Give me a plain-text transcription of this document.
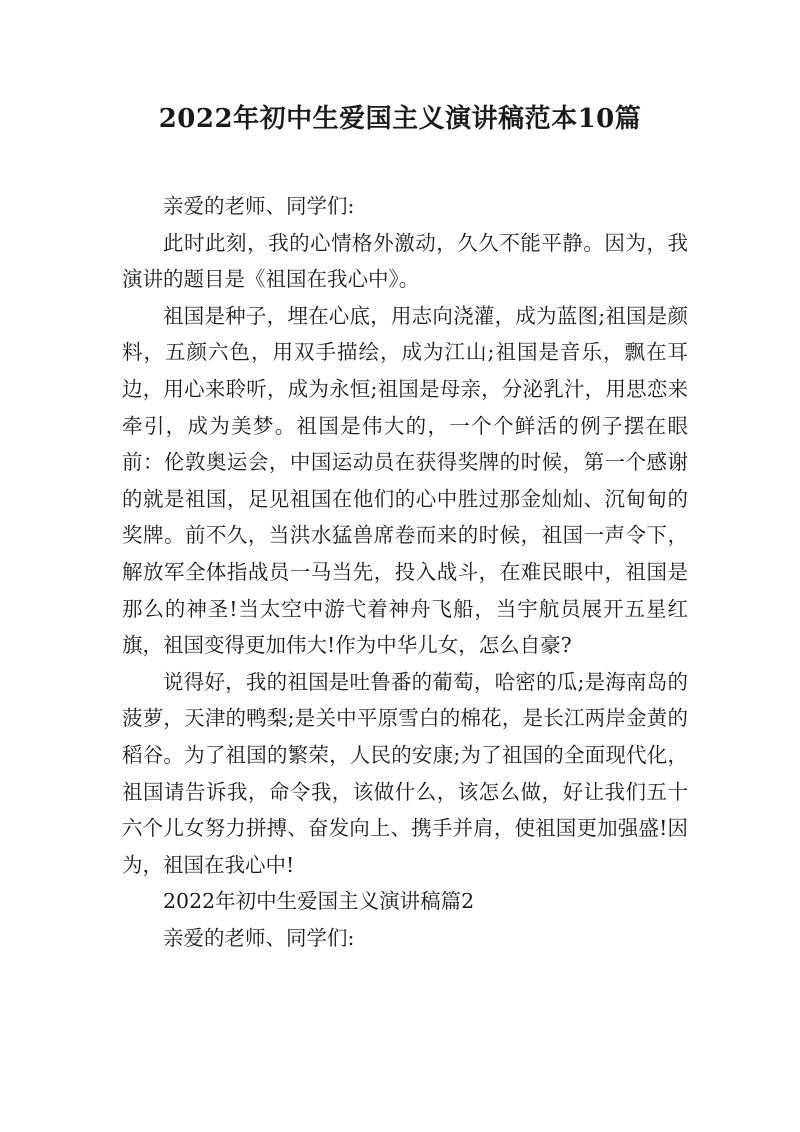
2022年初中生爱国主义演讲稿范本10篇

亲爱的老师、同学们:

此时此刻，我的心情格外激动，久久不能平静。因为，我演讲的题目是《祖国在我心中》。

祖国是种子，埋在心底，用志向浇灌，成为蓝图;祖国是颜料，五颜六色，用双手描绘，成为江山;祖国是音乐，飘在耳边，用心来聆听，成为永恒;祖国是母亲，分泌乳汁，用思恋来牵引，成为美梦。祖国是伟大的，一个个鲜活的例子摆在眼前：伦敦奥运会，中国运动员在获得奖牌的时候，第一个感谢的就是祖国，足见祖国在他们的心中胜过那金灿灿、沉甸甸的奖牌。前不久，当洪水猛兽席卷而来的时候，祖国一声令下，解放军全体指战员一马当先，投入战斗，在难民眼中，祖国是那么的神圣!当太空中游弋着神舟飞船，当宇航员展开五星红旗，祖国变得更加伟大!作为中华儿女，怎么自豪?

说得好，我的祖国是吐鲁番的葡萄，哈密的瓜;是海南岛的菠萝，天津的鸭梨;是关中平原雪白的棉花，是长江两岸金黄的稻谷。为了祖国的繁荣，人民的安康;为了祖国的全面现代化，祖国请告诉我，命令我，该做什么，该怎么做，好让我们五十六个儿女努力拼搏、奋发向上、携手并肩，使祖国更加强盛!因为，祖国在我心中!

2022年初中生爱国主义演讲稿篇2

亲爱的老师、同学们:
